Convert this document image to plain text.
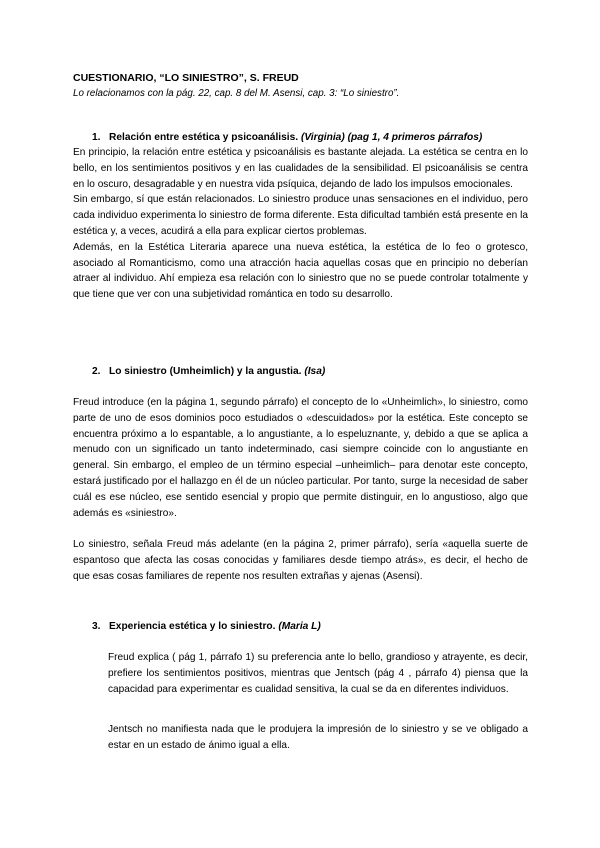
CUESTIONARIO, “LO SINIESTRO”, S. FREUD
Lo relacionamos con la pág. 22, cap. 8 del M. Asensi, cap. 3: “Lo siniestro”.
1. Relación entre estética y psicoanálisis. (Virginia) (pag 1, 4 primeros párrafos)

En principio, la relación entre estética y psicoanálisis es bastante alejada. La estética se centra en lo bello, en los sentimientos positivos y en las cualidades de la sensibilidad. El psicoanálisis se centra en lo oscuro, desagradable y en nuestra vida psíquica, dejando de lado los impulsos emocionales.

Sin embargo, sí que están relacionados. Lo siniestro produce unas sensaciones en el individuo, pero cada individuo experimenta lo siniestro de forma diferente. Esta dificultad también está presente en la estética y, a veces, acudirá a ella para explicar ciertos problemas.

Además, en la Estética Literaria aparece una nueva estética, la estética de lo feo o grotesco, asociado al Romanticismo, como una atracción hacia aquellas cosas que en principio no deberían atraer al individuo. Ahí empieza esa relación con lo siniestro que no se puede controlar totalmente y que tiene que ver con una subjetividad romántica en todo su desarrollo.

2. Lo siniestro (Umheimlich) y la angustia. (Isa)
Freud introduce (en la página 1, segundo párrafo) el concepto de lo «Unheimlich», lo siniestro, como parte de uno de esos dominios poco estudiados o «descuidados» por la estética. Este concepto se encuentra próximo a lo espantable, a lo angustiante, a lo espeluznante, y, debido a que se aplica a menudo con un significado un tanto indeterminado, casi siempre coincide con lo angustiante en general. Sin embargo, el empleo de un término especial –unheimlich– para denotar este concepto, estará justificado por el hallazgo en él de un núcleo particular. Por tanto, surge la necesidad de saber cuál es ese núcleo, ese sentido esencial y propio que permite distinguir, en lo angustioso, algo que además es «siniestro».
Lo siniestro, señala Freud más adelante (en la página 2, primer párrafo), sería «aquella suerte de espantoso que afecta las cosas conocidas y familiares desde tiempo atrás», es decir, el hecho de que esas cosas familiares de repente nos resulten extrañas y ajenas (Asensi).
3. Experiencia estética y lo siniestro. (Maria L)
Freud explica ( pág 1, párrafo 1) su preferencia ante lo bello, grandioso y atrayente, es decir, prefiere los sentimientos positivos, mientras que Jentsch (pág 4 , párrafo 4) piensa que la capacidad para experimentar es cualidad sensitiva, la cual se da en diferentes individuos.
Jentsch no manifiesta nada que le produjera la impresión de lo siniestro y se ve obligado a estar en un estado de ánimo igual a ella.
